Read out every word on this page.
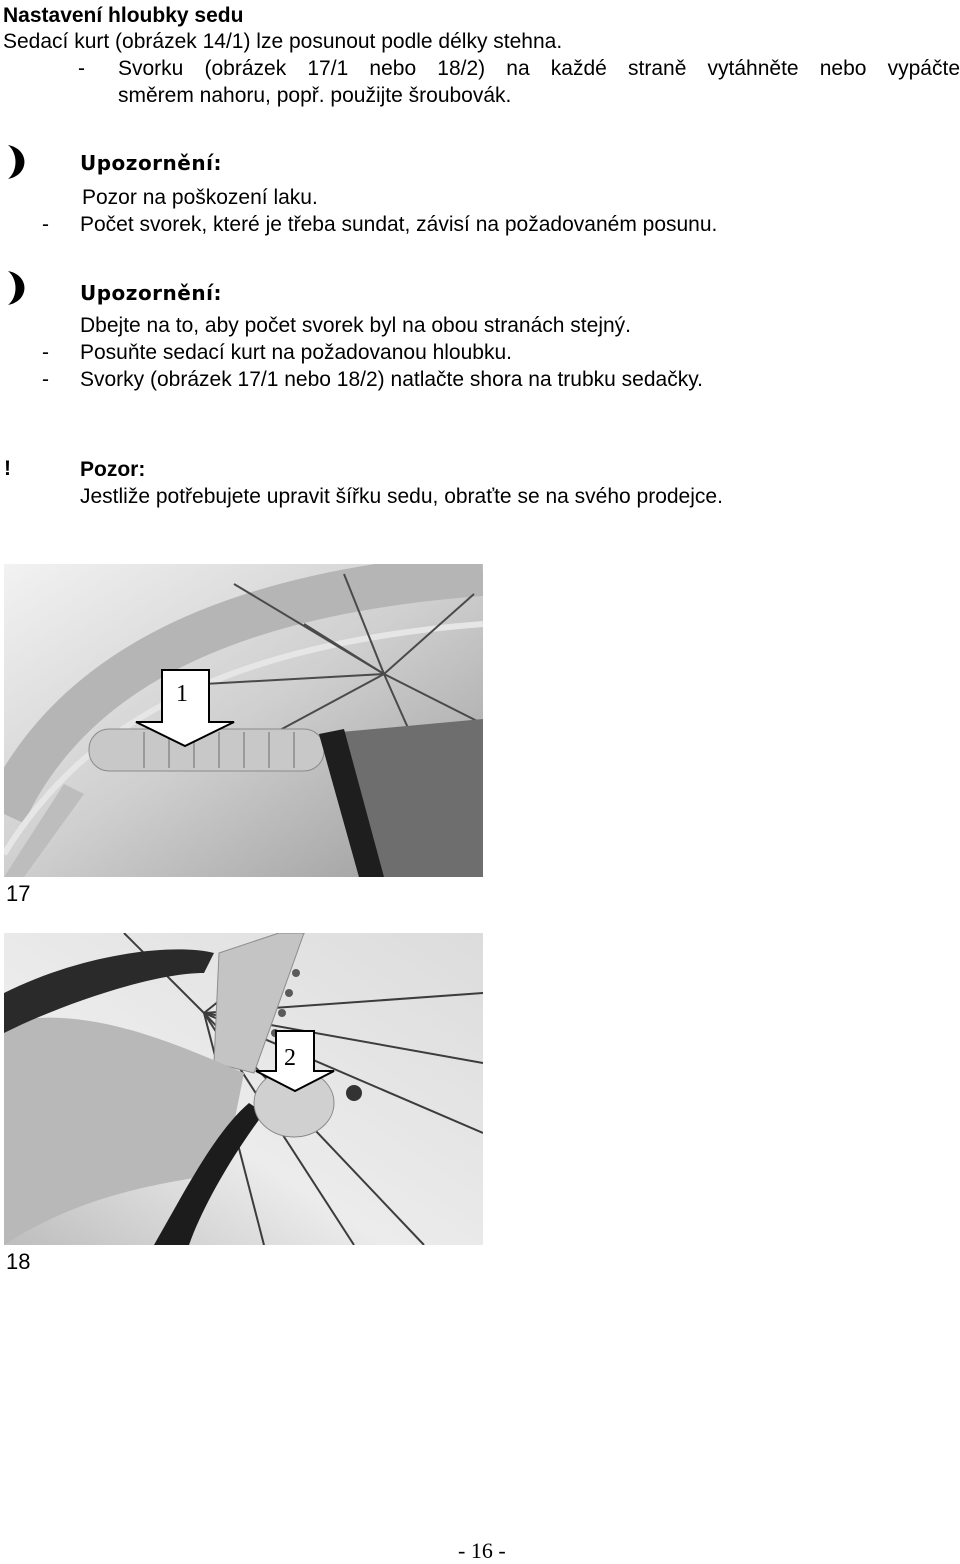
Nastavení hloubky sedu
Sedací kurt (obrázek 14/1) lze posunout podle délky stehna.
- Svorku (obrázek 17/1 nebo 18/2) na každé straně vytáhněte nebo vypáčte
směrem nahoru, popř. použijte šroubovák.
Upozornění:
Pozor na poškození laku.
- Počet svorek, které je třeba sundat, závisí na požadovaném posunu.
Upozornění:
Dbejte na to, aby počet svorek byl na obou stranách stejný.
- Posuňte sedací kurt na požadovanou hloubku.
- Svorky (obrázek 17/1 nebo 18/2) natlačte shora na trubku sedačky.
!	Pozor:
Jestliže potřebujete upravit šířku sedu, obraťte se na svého prodejce.
1
17
2
18
- 16 -
